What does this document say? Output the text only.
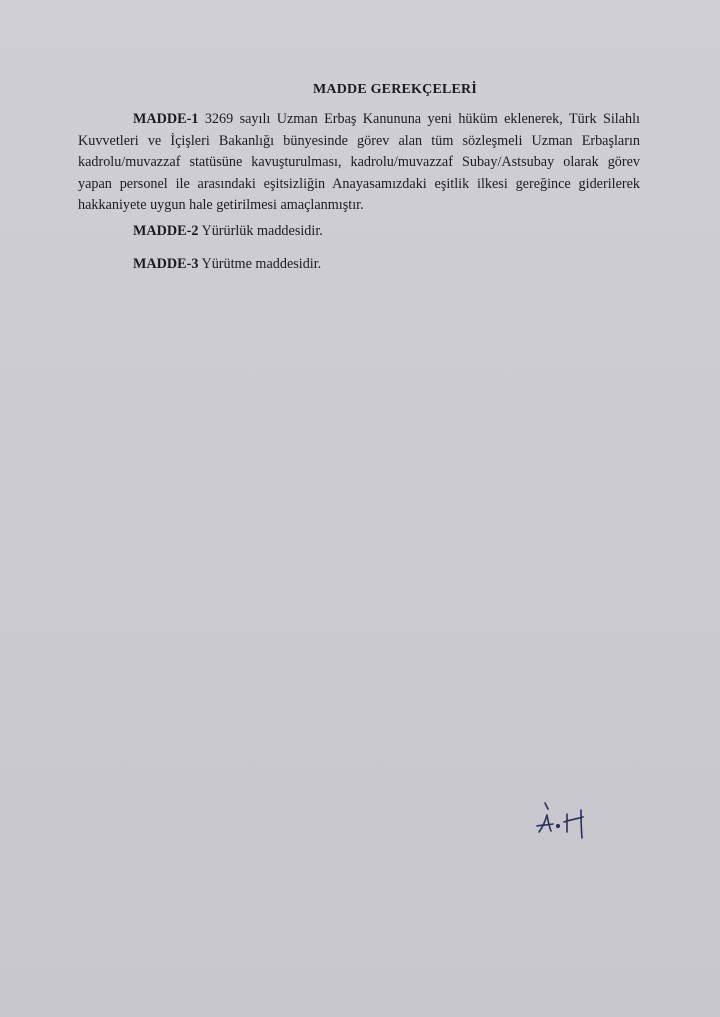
MADDE GEREKÇELERİ

MADDE-1 3269 sayılı Uzman Erbaş Kanununa yeni hüküm eklenerek, Türk Silahlı Kuvvetleri ve İçişleri Bakanlığı bünyesinde görev alan tüm sözleşmeli Uzman Erbaşların kadrolu/muvazzaf statüsüne kavuşturulması, kadrolu/muvazzaf Subay/Astsubay olarak görev yapan personel ile arasındaki eşitsizliğin Anayasamızdaki eşitlik ilkesi gereğince giderilerek hakkaniyete uygun hale getirilmesi amaçlanmıştır.

MADDE-2 Yürürlük maddesidir.

MADDE-3 Yürütme maddesidir.
